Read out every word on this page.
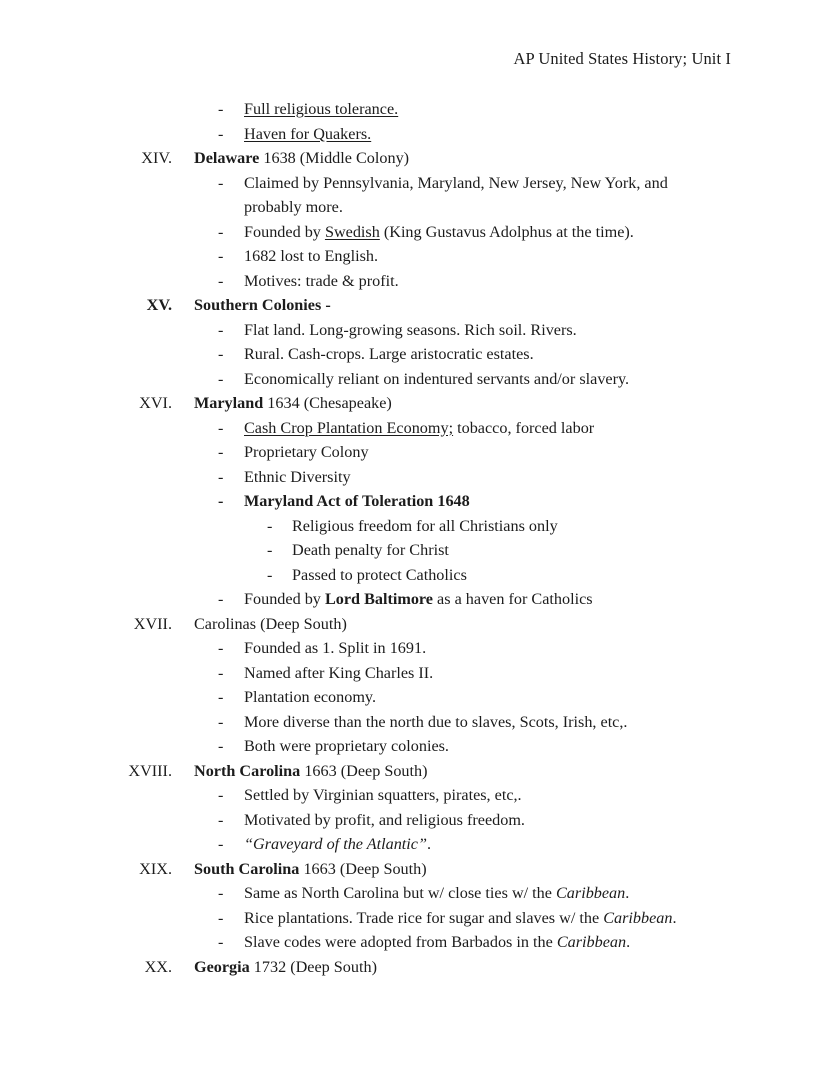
AP United States History; Unit I
- Full religious tolerance.
- Haven for Quakers.
XIV. Delaware 1638 (Middle Colony)
- Claimed by Pennsylvania, Maryland, New Jersey, New York, and probably more.
- Founded by Swedish (King Gustavus Adolphus at the time).
- 1682 lost to English.
- Motives: trade & profit.
XV. Southern Colonies -
- Flat land. Long-growing seasons. Rich soil. Rivers.
- Rural. Cash-crops. Large aristocratic estates.
- Economically reliant on indentured servants and/or slavery.
XVI. Maryland 1634 (Chesapeake)
- Cash Crop Plantation Economy; tobacco, forced labor
- Proprietary Colony
- Ethnic Diversity
- Maryland Act of Toleration 1648
- Religious freedom for all Christians only
- Death penalty for Christ
- Passed to protect Catholics
- Founded by Lord Baltimore as a haven for Catholics
XVII. Carolinas (Deep South)
- Founded as 1. Split in 1691.
- Named after King Charles II.
- Plantation economy.
- More diverse than the north due to slaves, Scots, Irish, etc,.
- Both were proprietary colonies.
XVIII. North Carolina 1663 (Deep South)
- Settled by Virginian squatters, pirates, etc,.
- Motivated by profit, and religious freedom.
- “Graveyard of the Atlantic”.
XIX. South Carolina 1663 (Deep South)
- Same as North Carolina but w/ close ties w/ the Caribbean.
- Rice plantations. Trade rice for sugar and slaves w/ the Caribbean.
- Slave codes were adopted from Barbados in the Caribbean.
XX. Georgia 1732 (Deep South)
